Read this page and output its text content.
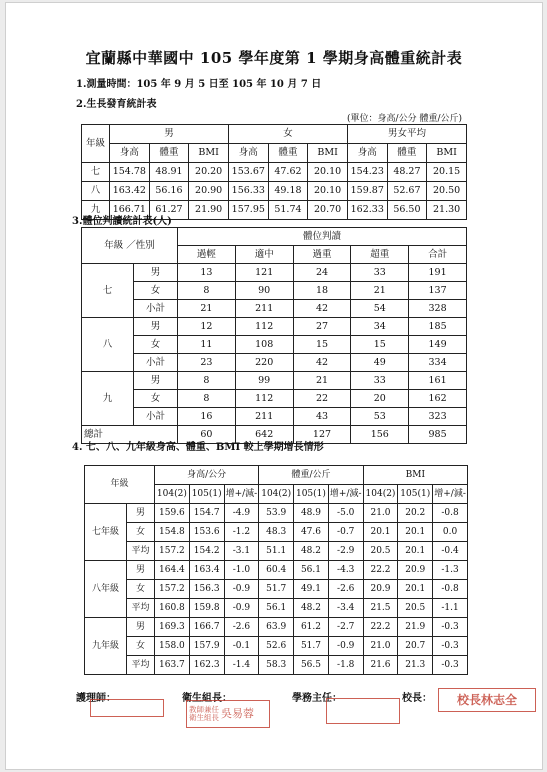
宜蘭縣中華國中 105 學年度第 1 學期身高體重統計表
1.測量時間：105 年 9 月 5 日至 105 年 10 月 7 日
2.生長發育統計表
(單位：身高/公分 體重/公斤)
年級	男			女			男女平均		
	身高	體重	BMI	身高	體重	BMI	身高	體重	BMI
七	154.78	48.91	20.20	153.67	47.62	20.10	154.23	48.27	20.15
八	163.42	56.16	20.90	156.33	49.18	20.10	159.87	52.67	20.50
九	166.71	61.27	21.90	157.95	51.74	20.70	162.33	56.50	21.30
3.體位判讀統計表(人)
年級 ／性別		體位判讀				
		過輕	適中	過重	超重	合計
七	男	13	121	24	33	191
	女	8	90	18	21	137
	小計	21	211	42	54	328
八	男	12	112	27	34	185
	女	11	108	15	15	149
	小計	23	220	42	49	334
九	男	8	99	21	33	161
	女	8	112	22	20	162
	小計	16	211	43	53	323
總計		60	642	127	156	985
4. 七、八、九年級身高、體重、BMI 較上學期增長情形
年級		身高/公分			體重/公斤			BMI		
		104(2)	105(1)	增+/減-	104(2)	105(1)	增+/減-	104(2)	105(1)	增+/減-
七年級	男	159.6	154.7	-4.9	53.9	48.9	-5.0	21.0	20.2	-0.8
	女	154.8	153.6	-1.2	48.3	47.6	-0.7	20.1	20.1	0.0
	平均	157.2	154.2	-3.1	51.1	48.2	-2.9	20.5	20.1	-0.4
八年級	男	164.4	163.4	-1.0	60.4	56.1	-4.3	22.2	20.9	-1.3
	女	157.2	156.3	-0.9	51.7	49.1	-2.6	20.9	20.1	-0.8
	平均	160.8	159.8	-0.9	56.1	48.2	-3.4	21.5	20.5	-1.1
九年級	男	169.3	166.7	-2.6	63.9	61.2	-2.7	22.2	21.9	-0.3
	女	158.0	157.9	-0.1	52.6	51.7	-0.9	21.0	20.7	-0.3
	平均	163.7	162.3	-1.4	58.3	56.5	-1.8	21.6	21.3	-0.3
護理師：	衛生組長：	學務主任：	校長：
教師兼任
衛生組長 吳易蓉
校長林志全
